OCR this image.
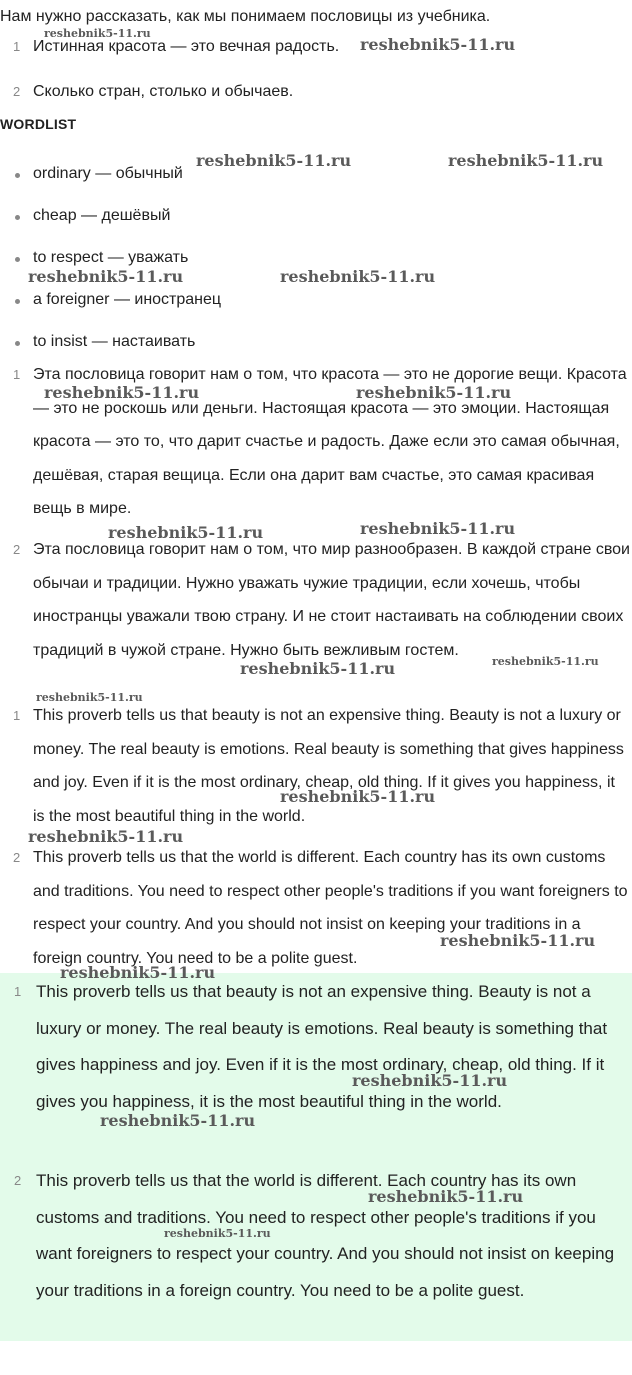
Нам нужно рассказать, как мы понимаем пословицы из учебника.
1 Истинная красота — это вечная радость.
2 Сколько стран, столько и обычаев.
WORDLIST
ordinary — обычный
cheap — дешёвый
to respect — уважать
a foreigner — иностранец
to insist — настаивать
1 Эта пословица говорит нам о том, что красота — это не дорогие вещи. Красота — это не роскошь или деньги. Настоящая красота — это эмоции. Настоящая красота — это то, что дарит счастье и радость. Даже если это самая обычная, дешёвая, старая вещица. Если она дарит вам счастье, это самая красивая вещь в мире.
2 Эта пословица говорит нам о том, что мир разнообразен. В каждой стране свои обычаи и традиции. Нужно уважать чужие традиции, если хочешь, чтобы иностранцы уважали твою страну. И не стоит настаивать на соблюдении своих традиций в чужой стране. Нужно быть вежливым гостем.
1 This proverb tells us that beauty is not an expensive thing. Beauty is not a luxury or money. The real beauty is emotions. Real beauty is something that gives happiness and joy. Even if it is the most ordinary, cheap, old thing. If it gives you happiness, it is the most beautiful thing in the world.
2 This proverb tells us that the world is different. Each country has its own customs and traditions. You need to respect other people's traditions if you want foreigners to respect your country. And you should not insist on keeping your traditions in a foreign country. You need to be a polite guest.
1 This proverb tells us that beauty is not an expensive thing. Beauty is not a luxury or money. The real beauty is emotions. Real beauty is something that gives happiness and joy. Even if it is the most ordinary, cheap, old thing. If it gives you happiness, it is the most beautiful thing in the world.
2 This proverb tells us that the world is different. Each country has its own customs and traditions. You need to respect other people's traditions if you want foreigners to respect your country. And you should not insist on keeping your traditions in a foreign country. You need to be a polite guest.
reshebnik5-11.ru
reshebnik5-11.ru
reshebnik5-11.ru	reshebnik5-11.ru
reshebnik5-11.ru	reshebnik5-11.ru
reshebnik5-11.ru	reshebnik5-11.ru
reshebnik5-11.ru	reshebnik5-11.ru
reshebnik5-11.ru	reshebnik5-11.ru
reshebnik5-11.ru
reshebnik5-11.ru
reshebnik5-11.ru
reshebnik5-11.ru
reshebnik5-11.ru
reshebnik5-11.ru
reshebnik5-11.ru
reshebnik5-11.ru
reshebnik5-11.ru
